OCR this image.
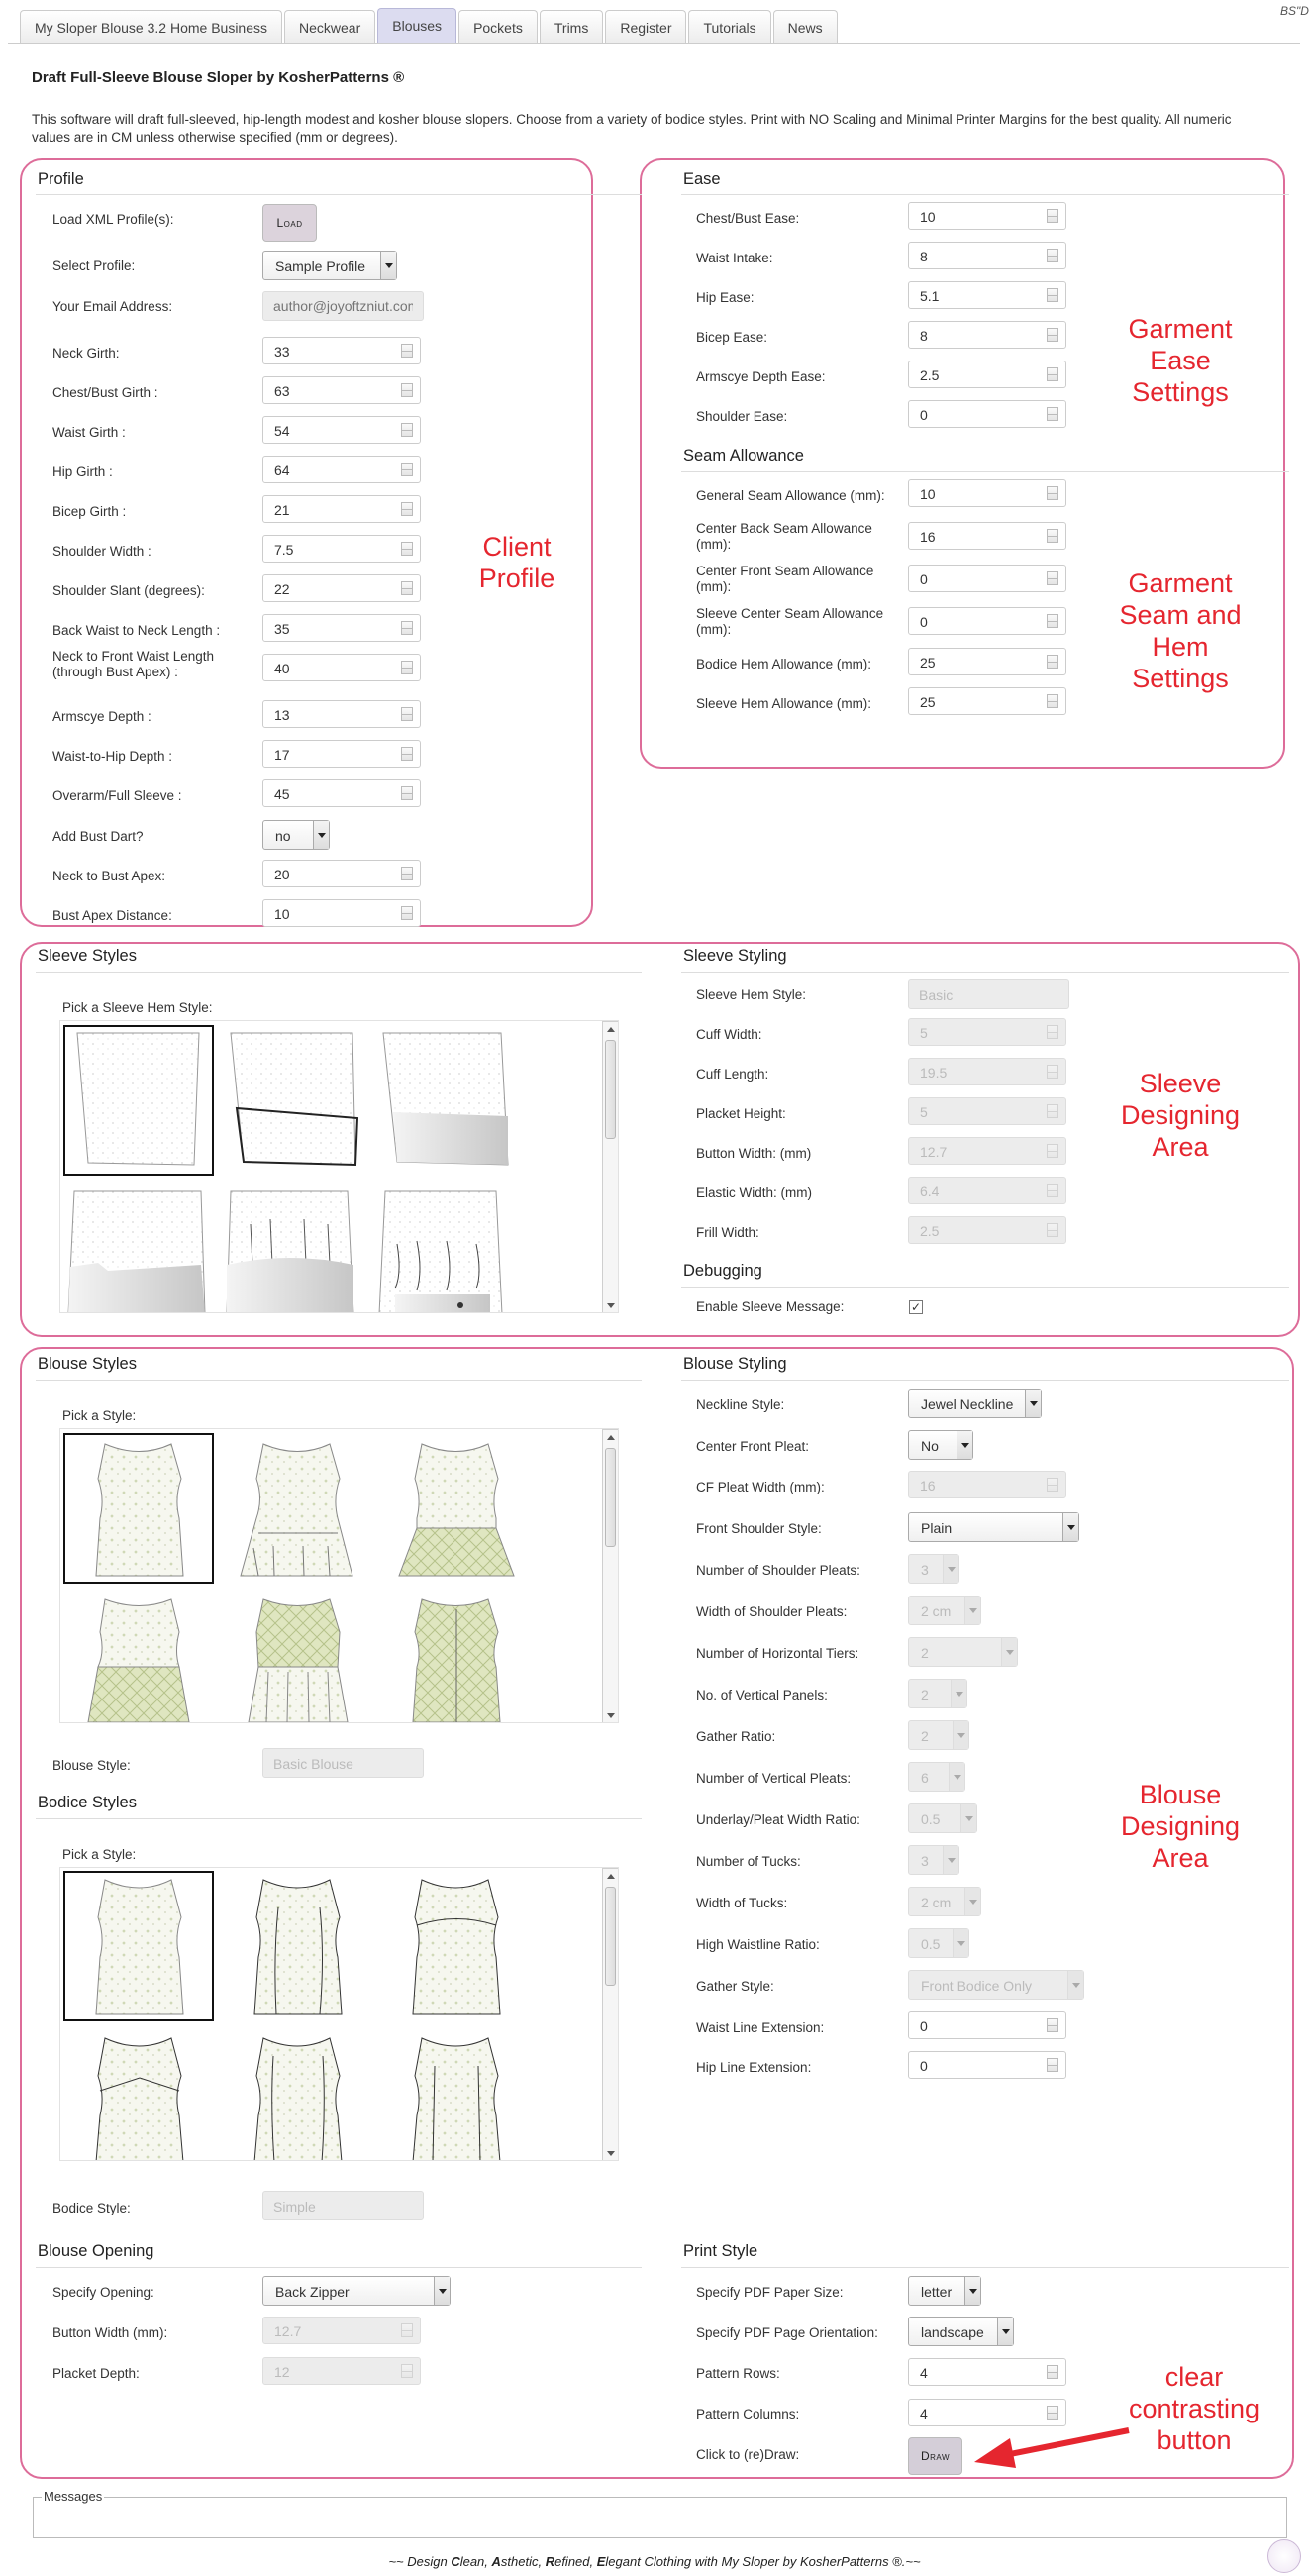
My Sloper Blouse 3.2 Home Business	Neckwear	Blouses	Pockets	Trims	Register	Tutorials	News
BS"D
Draft Full-Sleeve Blouse Sloper by KosherPatterns ®
This software will draft full-sleeved, hip-length modest and kosher blouse slopers. Choose from a variety of bodice styles. Print with NO Scaling and Minimal Printer Margins for the best quality. All numeric values are in CM unless otherwise specified (mm or degrees).
Profile
Load XML Profile(s):	Load
Select Profile:	Sample Profile
Your Email Address:
author@joyoftzniut.com
Neck Girth:	33
Chest/Bust Girth :	63
Waist Girth :	54
Hip Girth :	64
Bicep Girth :	21
Shoulder Width :	7.5
Shoulder Slant (degrees):	22
Back Waist to Neck Length :	35
Neck to Front Waist Length
(through Bust Apex) :	40
Armscye Depth :	13
Waist-to-Hip Depth :	17
Overarm/Full Sleeve :	45
Add Bust Dart?	no
Neck to Bust Apex:	20
Bust Apex Distance:	10
Ease
Seam Allowance
Chest/Bust Ease:	10
Waist Intake:	8
Hip Ease:	5.1
Bicep Ease:	8
Armscye Depth Ease:	2.5
Shoulder Ease:	0
General Seam Allowance (mm):	10
Center Back Seam Allowance
(mm):	16
Center Front Seam Allowance
(mm):	0
Sleeve Center Seam Allowance
(mm):	0
Bodice Hem Allowance (mm):	25
Sleeve Hem Allowance (mm):	25
Sleeve Styles
Pick a Sleeve Hem Style:
Sleeve Styling
Sleeve Hem Style:	Basic
Cuff Width:	5
Cuff Length:	19.5
Placket Height:	5
Button Width: (mm)	12.7
Elastic Width: (mm)	6.4
Frill Width:	2.5
Debugging
Enable Sleeve Message:	✓
Blouse Styles
Pick a Style:
Blouse Style:	Basic Blouse
Bodice Styles
Pick a Style:
Bodice Style:	Simple
Blouse Styling
Neckline Style:	Jewel Neckline
Center Front Pleat:	No
CF Pleat Width (mm):	16
Front Shoulder Style:	Plain
Number of Shoulder Pleats:	3
Width of Shoulder Pleats:	2 cm
Number of Horizontal Tiers:	2
No. of Vertical Panels:	2
Gather Ratio:	2
Number of Vertical Pleats:	6
Underlay/Pleat Width Ratio:	0.5
Number of Tucks:	3
Width of Tucks:	2 cm
High Waistline Ratio:	0.5
Gather Style:	Front Bodice Only
Waist Line Extension:	0
Hip Line Extension:	0
Blouse Opening
Specify Opening:	Back Zipper
Button Width (mm):	12.7
Placket Depth:	12
Print Style
Specify PDF Paper Size:	letter
Specify PDF Page Orientation:	landscape
Pattern Rows:	4
Pattern Columns:	4
Click to (re)Draw:	Draw
Client
Profile
Garment
Ease
Settings
Garment
Seam and
Hem
Settings
Sleeve
Designing
Area
Blouse
Designing
Area
clear
contrasting
button
Messages
~~ Design Clean, Asthetic, Refined, Elegant Clothing with My Sloper by KosherPatterns ®.~~
